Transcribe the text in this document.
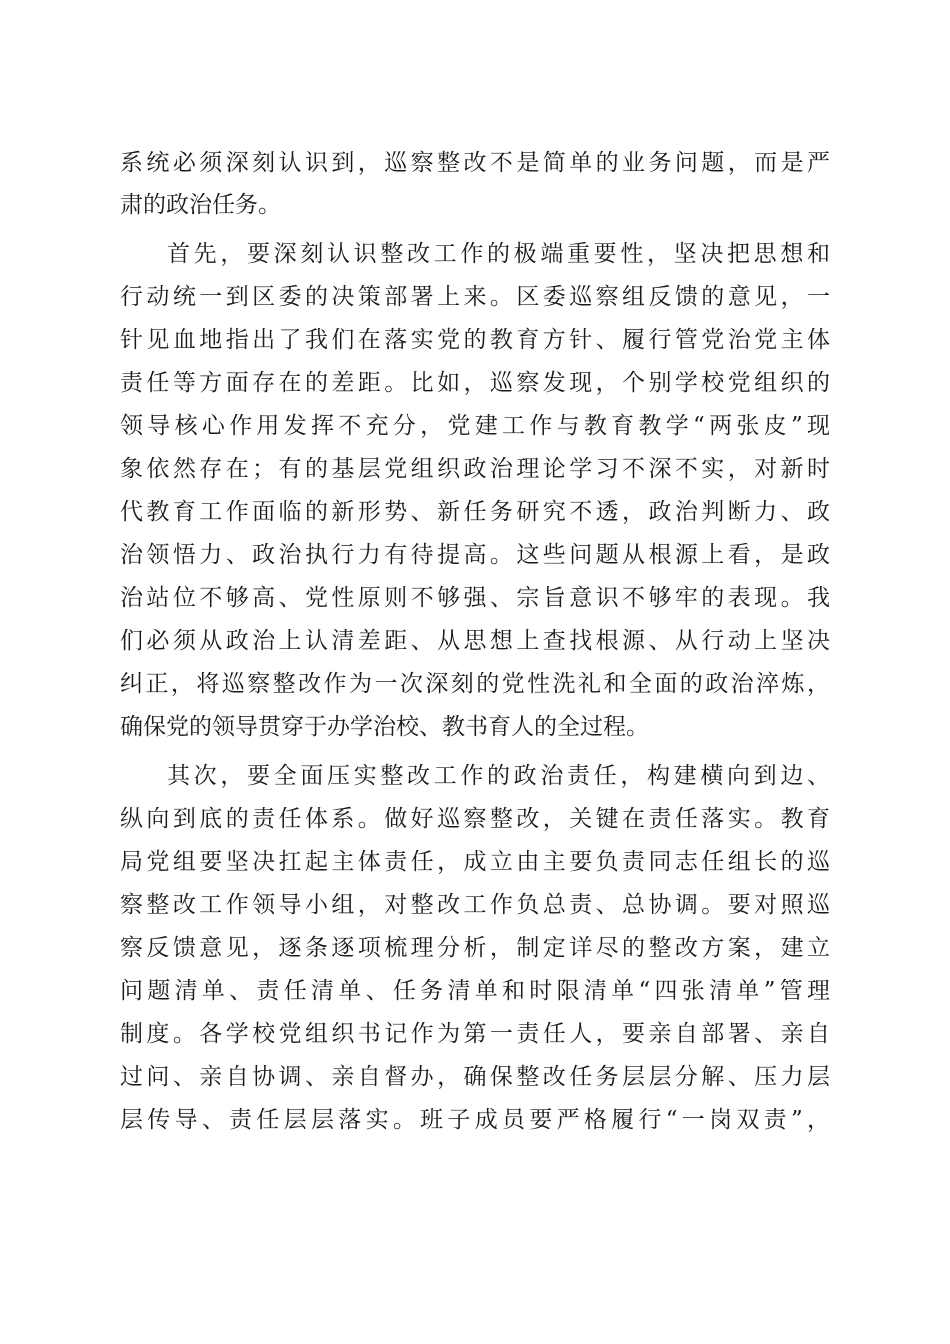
系统必须深刻认识到，巡察整改不是简单的业务问题，而是严
肃的政治任务。
首先，要深刻认识整改工作的极端重要性，坚决把思想和
行动统一到区委的决策部署上来。区委巡察组反馈的意见，一
针见血地指出了我们在落实党的教育方针、履行管党治党主体
责任等方面存在的差距。比如，巡察发现，个别学校党组织的
领导核心作用发挥不充分，党建工作与教育教学“两张皮”现
象依然存在；有的基层党组织政治理论学习不深不实，对新时
代教育工作面临的新形势、新任务研究不透，政治判断力、政
治领悟力、政治执行力有待提高。这些问题从根源上看，是政
治站位不够高、党性原则不够强、宗旨意识不够牢的表现。我
们必须从政治上认清差距、从思想上查找根源、从行动上坚决
纠正，将巡察整改作为一次深刻的党性洗礼和全面的政治淬炼，
确保党的领导贯穿于办学治校、教书育人的全过程。
其次，要全面压实整改工作的政治责任，构建横向到边、
纵向到底的责任体系。做好巡察整改，关键在责任落实。教育
局党组要坚决扛起主体责任，成立由主要负责同志任组长的巡
察整改工作领导小组，对整改工作负总责、总协调。要对照巡
察反馈意见，逐条逐项梳理分析，制定详尽的整改方案，建立
问题清单、责任清单、任务清单和时限清单“四张清单”管理
制度。各学校党组织书记作为第一责任人，要亲自部署、亲自
过问、亲自协调、亲自督办，确保整改任务层层分解、压力层
层传导、责任层层落实。班子成员要严格履行“一岗双责”，
